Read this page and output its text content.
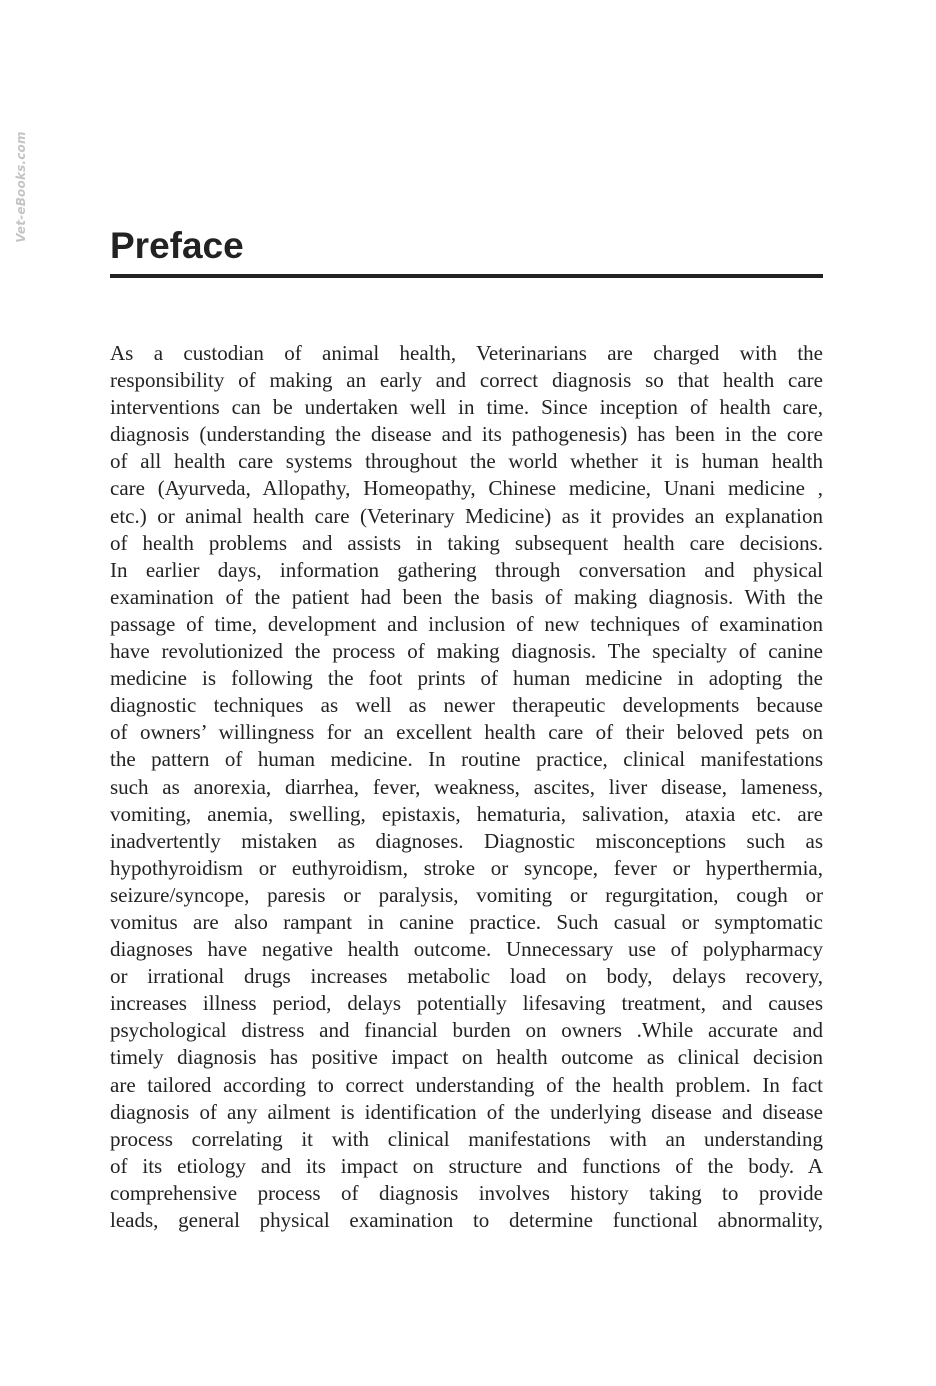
Vet-eBooks.com
Preface
As a custodian of animal health, Veterinarians are charged with the
responsibility of making an early and correct diagnosis so that health care
interventions can be undertaken well in time. Since inception of health care,
diagnosis (understanding the disease and its pathogenesis) has been in the core
of all health care systems throughout the world whether it is human health
care (Ayurveda, Allopathy, Homeopathy, Chinese medicine, Unani medicine ,
etc.) or animal health care (Veterinary Medicine) as it provides an explanation
of health problems and assists in taking subsequent health care decisions.
In earlier days, information gathering through conversation and physical
examination of the patient had been the basis of making diagnosis. With the
passage of time, development and inclusion of new techniques of examination
have revolutionized the process of making diagnosis. The specialty of canine
medicine is following the foot prints of human medicine in adopting the
diagnostic techniques as well as newer therapeutic developments because
of owners’ willingness for an excellent health care of their beloved pets on
the pattern of human medicine. In routine practice, clinical manifestations
such as anorexia, diarrhea, fever, weakness, ascites, liver disease, lameness,
vomiting, anemia, swelling, epistaxis, hematuria, salivation, ataxia etc. are
inadvertently mistaken as diagnoses. Diagnostic misconceptions such as
hypothyroidism or euthyroidism, stroke or syncope, fever or hyperthermia,
seizure/syncope, paresis or paralysis, vomiting or regurgitation, cough or
vomitus are also rampant in canine practice. Such casual or symptomatic
diagnoses have negative health outcome. Unnecessary use of polypharmacy
or irrational drugs increases metabolic load on body, delays recovery,
increases illness period, delays potentially lifesaving treatment, and causes
psychological distress and financial burden on owners .While accurate and
timely diagnosis has positive impact on health outcome as clinical decision
are tailored according to correct understanding of the health problem. In fact
diagnosis of any ailment is identification of the underlying disease and disease
process correlating it with clinical manifestations with an understanding
of its etiology and its impact on structure and functions of the body. A
comprehensive process of diagnosis involves history taking to provide
leads, general physical examination to determine functional abnormality,
